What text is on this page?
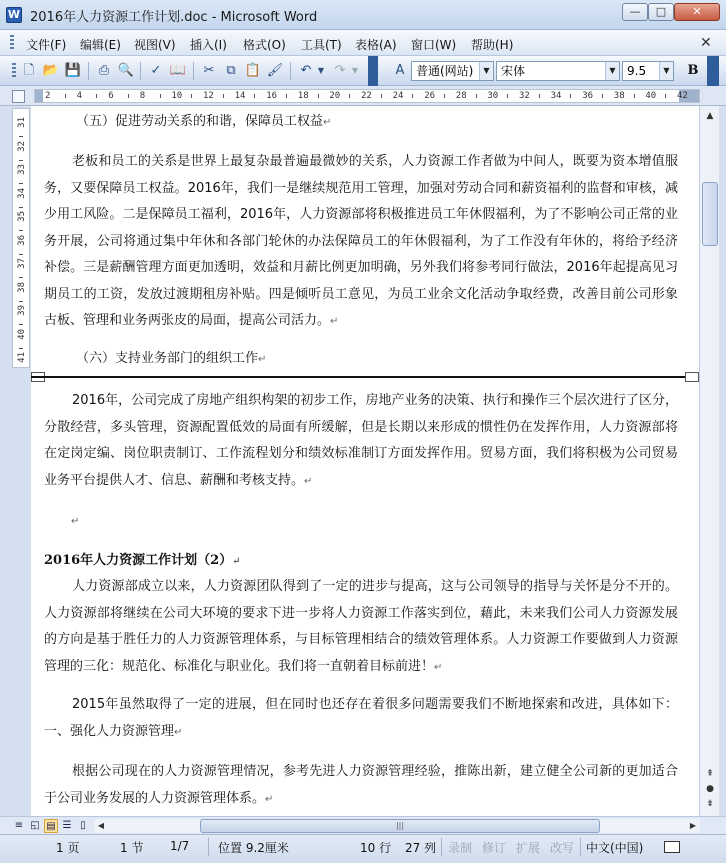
W 2016年人力资源工作计划.doc - Microsoft Word	—	□	✕
文件(F) 编辑(E) 视图(V) 插入(I) 格式(O) 工具(T) 表格(A) 窗口(W) 帮助(H)	✕
🗋 📂 💾 ⎙ 🔍 ✓ 📖 ✂ ⧉ 📋 🖌 ↶ ▼ ↷ ▼	A 普通(网站)	▼ 宋体	▼ 9.5	▼ B
2	4	6	8	10 12 14 16 18 20 22 24 26 28 30 32 34 36 38 40 42
31
32
33
34
35
36
37
38
39
40
41
（五）促进劳动关系的和谐，保障员工权益↵
老板和员工的关系是世界上最复杂最普遍最微妙的关系，人力资源工作者做为中间人，既要为资本增值服务，又要保障员工权益。2016年，我们一是继续规范用工管理，加强对劳动合同和薪资福利的监督和审核，减少用工风险。二是保障员工福利，2016年，人力资源部将积极推进员工年休假福利，为了不影响公司正常的业务开展，公司将通过集中年休和各部门轮休的办法保障员工的年休假福利，为了工作没有年休的，将给予经济补偿。三是薪酬管理方面更加透明，效益和月薪比例更加明确，另外我们将参考同行做法，2016年起提高见习期员工的工资，发放过渡期租房补贴。四是倾听员工意见，为员工业余文化活动争取经费，改善目前公司形象古板、管理和业务两张皮的局面，提高公司活力。↵
（六）支持业务部门的组织工作↵
2016年，公司完成了房地产组织构架的初步工作，房地产业务的决策、执行和操作三个层次进行了区分，分散经营，多头管理，资源配置低效的局面有所缓解，但是长期以来形成的惯性仍在发挥作用，人力资源部将在定岗定编、岗位职责制订、工作流程划分和绩效标准制订方面发挥作用。贸易方面，我们将积极为公司贸易业务平台提供人才、信息、薪酬和考核支持。↵
↵
2016年人力资源工作计划（2）↵
人力资源部成立以来，人力资源团队得到了一定的进步与提高，这与公司领导的指导与关怀是分不开的。人力资源部将继续在公司大环境的要求下进一步将人力资源工作落实到位，藉此，未来我们公司人力资源发展的方向是基于胜任力的人力资源管理体系，与目标管理相结合的绩效管理体系。人力资源工作要做到人力资源管理的三化：规范化、标准化与职业化。我们将一直朝着目标前进！↵
2015年虽然取得了一定的进展，但在同时也还存在着很多问题需要我们不断地探索和改进，具体如下：一、强化人力资源管理↵
根据公司现在的人力资源管理情况，参考先进人力资源管理经验，推陈出新，建立健全公司新的更加适合于公司业务发展的人力资源管理体系。↵
▲
⇞
●
⇟
≡ ◱ ▤ ☰ ▯	◀	|||	▶
1 页	1 节 1/7 位置 9.2厘米	10 行 27 列 录制 修订 扩展 改写 中文(中国)
